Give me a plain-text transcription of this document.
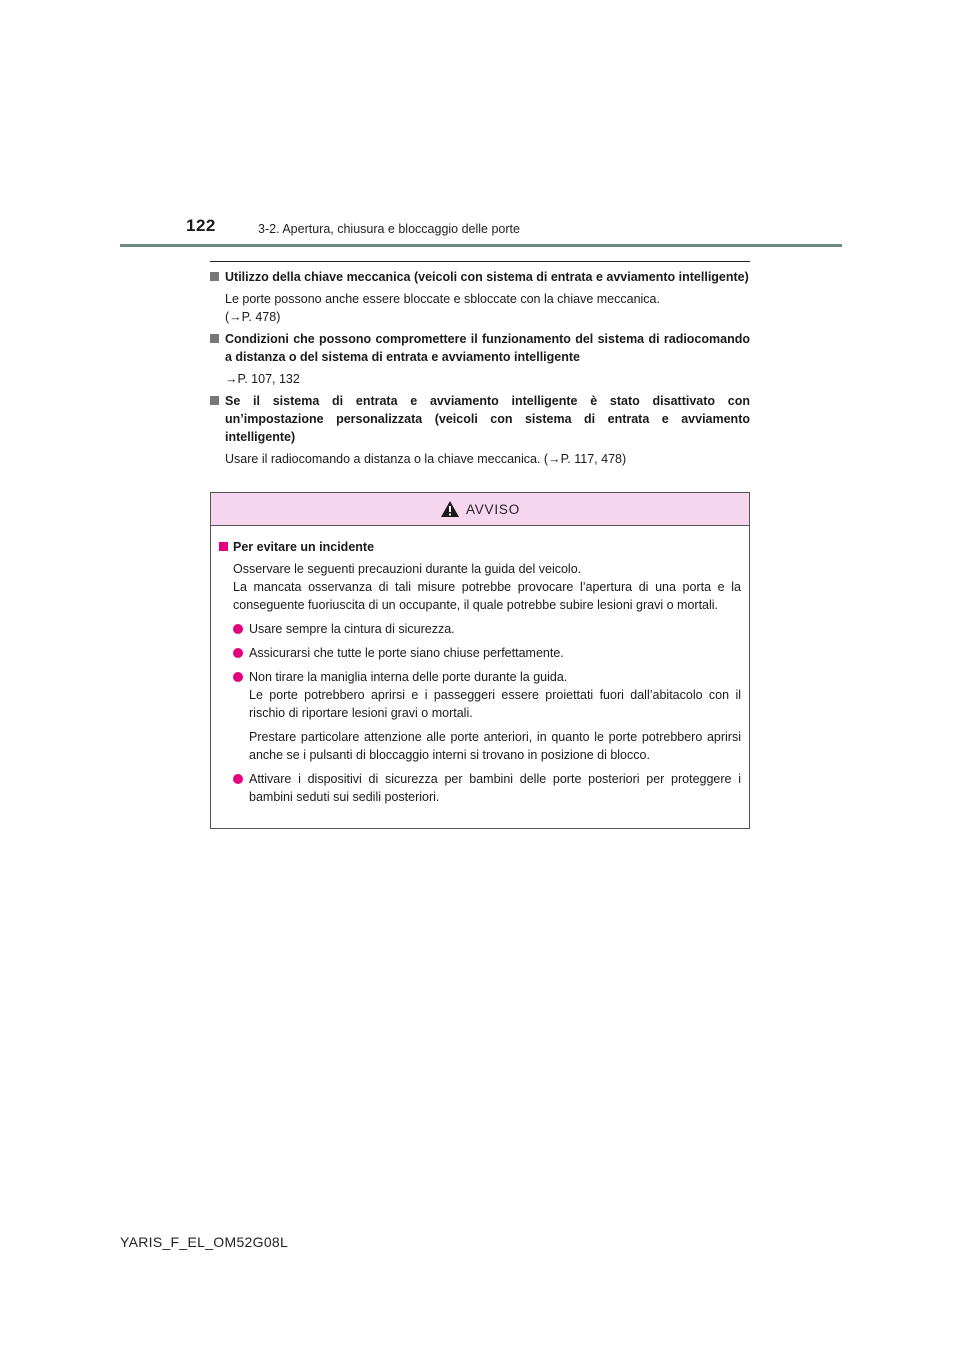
122	3-2. Apertura, chiusura e bloccaggio delle porte
Utilizzo della chiave meccanica (veicoli con sistema di entrata e avviamento intelligente)
Le porte possono anche essere bloccate e sbloccate con la chiave meccanica.
(→P. 478)
Condizioni che possono compromettere il funzionamento del sistema di radiocomando a distanza o del sistema di entrata e avviamento intelligente
→P. 107, 132
Se il sistema di entrata e avviamento intelligente è stato disattivato con un’impostazione personalizzata (veicoli con sistema di entrata e avviamento intelligente)
Usare il radiocomando a distanza o la chiave meccanica. (→P. 117, 478)
AVVISO
Per evitare un incidente
Osservare le seguenti precauzioni durante la guida del veicolo.
La mancata osservanza di tali misure potrebbe provocare l’apertura di una porta e la conseguente fuoriuscita di un occupante, il quale potrebbe subire lesioni gravi o mortali.
Usare sempre la cintura di sicurezza.
Assicurarsi che tutte le porte siano chiuse perfettamente.
Non tirare la maniglia interna delle porte durante la guida.
Le porte potrebbero aprirsi e i passeggeri essere proiettati fuori dall’abitacolo con il rischio di riportare lesioni gravi o mortali.
Prestare particolare attenzione alle porte anteriori, in quanto le porte potrebbero aprirsi anche se i pulsanti di bloccaggio interni si trovano in posizione di blocco.
Attivare i dispositivi di sicurezza per bambini delle porte posteriori per proteggere i bambini seduti sui sedili posteriori.
YARIS_F_EL_OM52G08L
